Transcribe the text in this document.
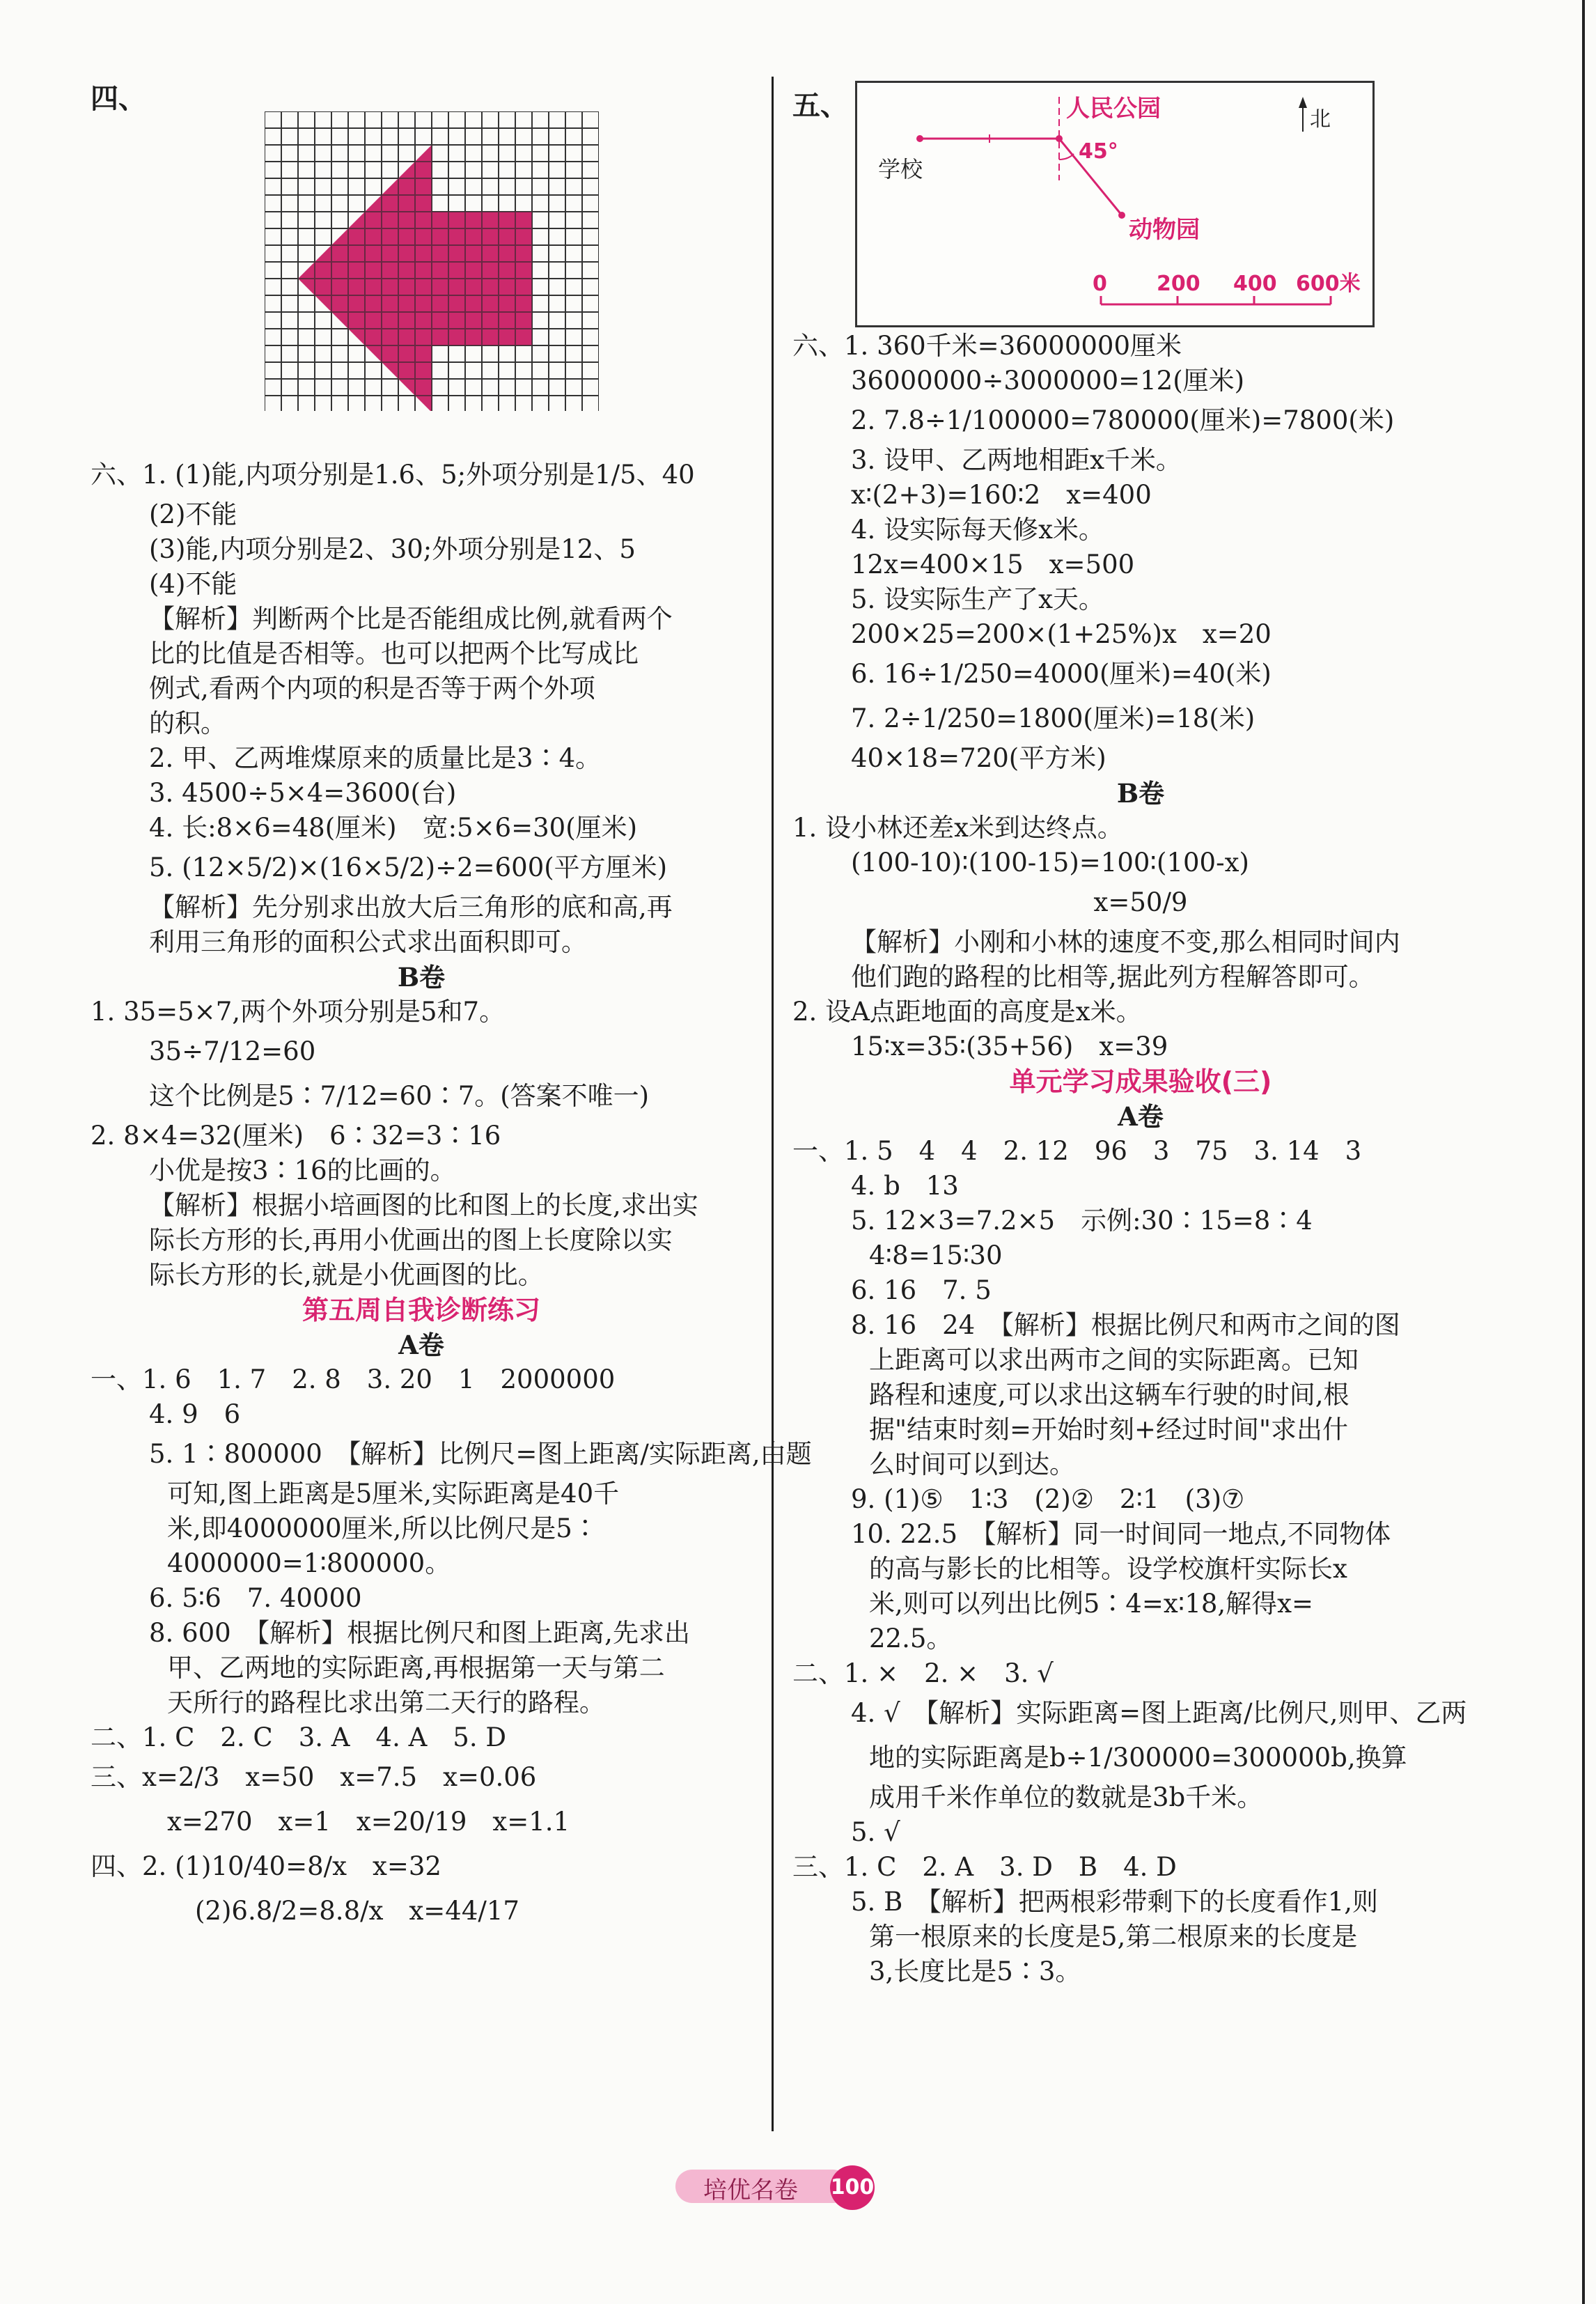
四、
六、1. (1)能,内项分别是1.6、5;外项分别是1/5、40
(2)不能
(3)能,内项分别是2、30;外项分别是12、5
(4)不能
【解析】判断两个比是否能组成比例,就看两个
比的比值是否相等。也可以把两个比写成比
例式,看两个内项的积是否等于两个外项
的积。
2. 甲、乙两堆煤原来的质量比是3∶4。
3. 4500÷5×4=3600(台)
4. 长:8×6=48(厘米)　宽:5×6=30(厘米)
5. (12×5/2)×(16×5/2)÷2=600(平方厘米)
【解析】先分别求出放大后三角形的底和高,再
利用三角形的面积公式求出面积即可。
B卷
1. 35=5×7,两个外项分别是5和7。
35÷7/12=60
这个比例是5∶7/12=60∶7。(答案不唯一)
2. 8×4=32(厘米)　6∶32=3∶16
小优是按3∶16的比画的。
【解析】根据小培画图的比和图上的长度,求出实
际长方形的长,再用小优画出的图上长度除以实
际长方形的长,就是小优画图的比。
第五周自我诊断练习
A卷
一、1. 6　1. 7　2. 8　3. 20　1　2000000
4. 9　6
5. 1∶800000　【解析】比例尺=图上距离/实际距离,由题
可知,图上距离是5厘米,实际距离是40千
米,即4000000厘米,所以比例尺是5∶
4000000=1∶800000。
6. 5∶6　7. 40000
8. 600　【解析】根据比例尺和图上距离,先求出
甲、乙两地的实际距离,再根据第一天与第二
天所行的路程比求出第二天行的路程。
二、1. C　2. C　3. A　4. A　5. D
三、x=2/3　x=50　x=7.5　x=0.06
x=270　x=1　x=20/19　x=1.1
四、2. (1)10/40=8/x　x=32
(2)6.8/2=8.8/x　x=44/17
五、	人民公园
学校
45°
动物园
北
0 200 400 600米
六、1. 360千米=36000000厘米
36000000÷3000000=12(厘米)
2. 7.8÷1/100000=780000(厘米)=7800(米)
3. 设甲、乙两地相距x千米。
x∶(2+3)=160∶2　x=400
4. 设实际每天修x米。
12x=400×15　x=500
5. 设实际生产了x天。
200×25=200×(1+25%)x　x=20
6. 16÷1/250=4000(厘米)=40(米)
7. 2÷1/250=1800(厘米)=18(米)
40×18=720(平方米)
B卷
1. 设小林还差x米到达终点。
(100-10)∶(100-15)=100∶(100-x)
x=50/9
【解析】小刚和小林的速度不变,那么相同时间内
他们跑的路程的比相等,据此列方程解答即可。
2. 设A点距地面的高度是x米。
15∶x=35∶(35+56)　x=39
单元学习成果验收(三)
A卷
一、1. 5　4　4　2. 12　96　3　75　3. 14　3
4. b　13
5. 12×3=7.2×5　示例:30∶15=8∶4
4∶8=15∶30
6. 16　7. 5
8. 16　24　【解析】根据比例尺和两市之间的图
上距离可以求出两市之间的实际距离。已知
路程和速度,可以求出这辆车行驶的时间,根
据"结束时刻=开始时刻+经过时间"求出什
么时间可以到达。
9. (1)⑤　1∶3　(2)②　2∶1　(3)⑦
10. 22.5　【解析】同一时间同一地点,不同物体
的高与影长的比相等。设学校旗杆实际长x
米,则可以列出比例5∶4=x∶18,解得x=
22.5。
二、1. ×　2. ×　3. √
4. √　【解析】实际距离=图上距离/比例尺,则甲、乙两
地的实际距离是b÷1/300000=300000b,换算
成用千米作单位的数就是3b千米。
5. √
三、1. C　2. A　3. D　B　4. D
5. B　【解析】把两根彩带剩下的长度看作1,则
第一根原来的长度是5,第二根原来的长度是
3,长度比是5∶3。
培优名卷 100
